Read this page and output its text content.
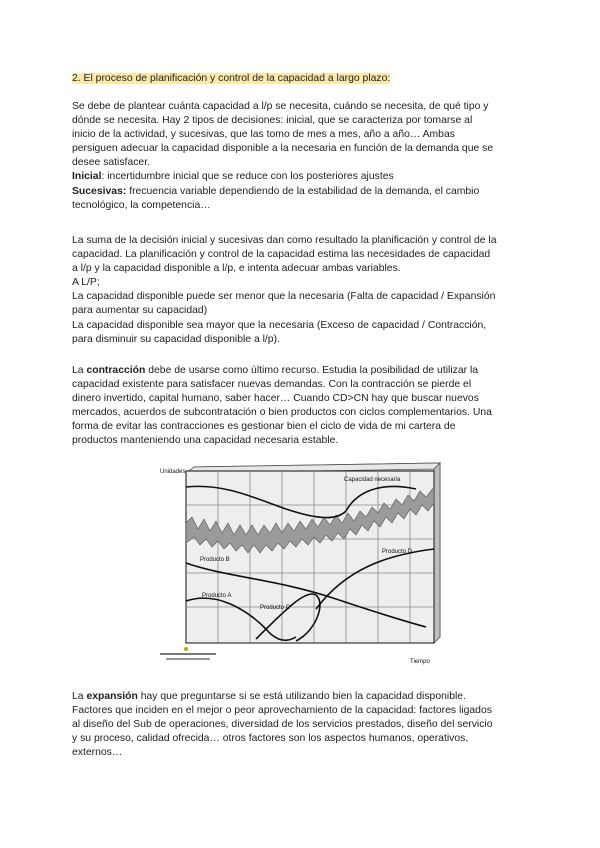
2. El proceso de planificación y control de la capacidad a largo plazo:
Se debe de plantear cuánta capacidad a l/p se necesita, cuándo se necesita, de qué tipo y
dónde se necesita. Hay 2 tipos de decisiones: inicial, que se caracteriza por tomarse al
inicio de la actividad, y sucesivas, que las tomo de mes a mes, año a año… Ambas
persiguen adecuar la capacidad disponible a la necesaria en función de la demanda que se
desee satisfacer.
Inicial: incertidumbre inicial que se reduce con los posteriores ajustes
Sucesivas: frecuencia variable dependiendo de la estabilidad de la demanda, el cambio
tecnológico, la competencia…
La suma de la decisión inicial y sucesivas dan como resultado la planificación y control de la
capacidad. La planificación y control de la capacidad estima las necesidades de capacidad
a l/p y la capacidad disponible a l/p, e intenta adecuar ambas variables.
A L/P;
La capacidad disponible puede ser menor que la necesaria (Falta de capacidad / Expansión
para aumentar su capacidad)
La capacidad disponible sea mayor que la necesaria (Exceso de capacidad / Contracción,
para disminuir su capacidad disponible a l/p).
La contracción debe de usarse como último recurso. Estudia la posibilidad de utilizar la
capacidad existente para satisfacer nuevas demandas. Con la contracción se pierde el
dinero invertido, capital humano, saber hacer… Cuando CD>CN hay que buscar nuevos
mercados, acuerdos de subcontratación o bien productos con ciclos complementarios. Una
forma de evitar las contracciones es gestionar bien el ciclo de vida de mi cartera de
productos manteniendo una capacidad necesaria estable.
Unidades
Capacidad necesaria
Producto B
Producto A
Producto C
Producto D
Tiempo
La expansión hay que preguntarse si se está utilizando bien la capacidad disponible.
Factores que inciden en el mejor o peor aprovechamiento de la capacidad: factores ligados
al diseño del Sub de operaciones, diversidad de los servicios prestados, diseño del servicio
y su proceso, calidad ofrecida… otros factores son los aspectos humanos, operativos,
externos…
